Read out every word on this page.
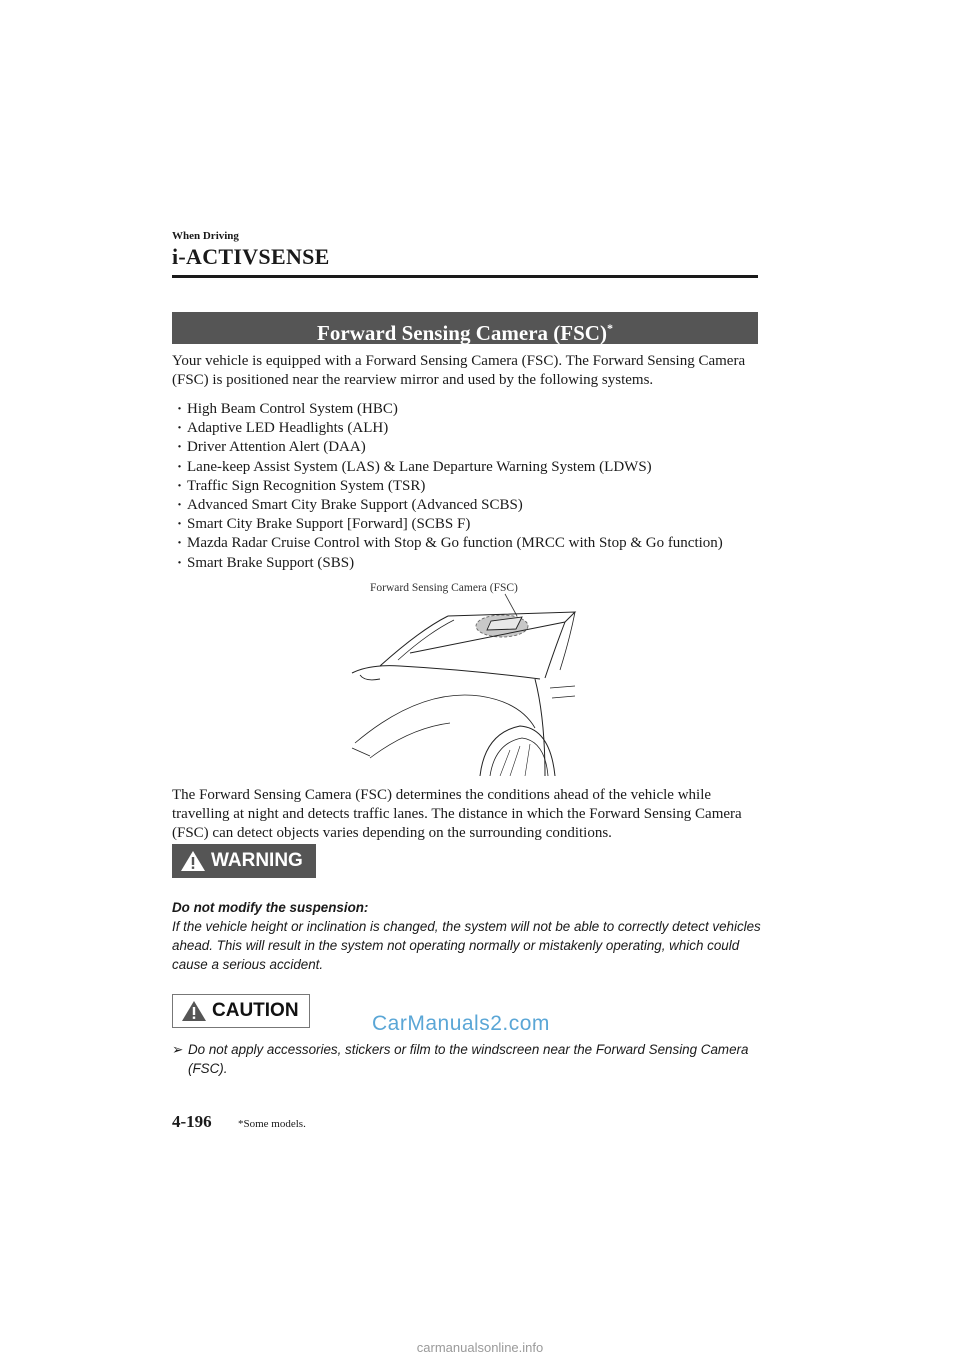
When Driving
i-ACTIVSENSE
Forward Sensing Camera (FSC)*
Your vehicle is equipped with a Forward Sensing Camera (FSC). The Forward Sensing Camera (FSC) is positioned near the rearview mirror and used by the following systems.
· High Beam Control System (HBC)
· Adaptive LED Headlights (ALH)
· Driver Attention Alert (DAA)
· Lane-keep Assist System (LAS) & Lane Departure Warning System (LDWS)
· Traffic Sign Recognition System (TSR)
· Advanced Smart City Brake Support (Advanced SCBS)
· Smart City Brake Support [Forward] (SCBS F)
· Mazda Radar Cruise Control with Stop & Go function (MRCC with Stop & Go function)
· Smart Brake Support (SBS)
Forward Sensing Camera (FSC)
The Forward Sensing Camera (FSC) determines the conditions ahead of the vehicle while travelling at night and detects traffic lanes. The distance in which the Forward Sensing Camera (FSC) can detect objects varies depending on the surrounding conditions.
WARNING
Do not modify the suspension:
If the vehicle height or inclination is changed, the system will not be able to correctly detect vehicles ahead. This will result in the system not operating normally or mistakenly operating, which could cause a serious accident.
CAUTION
CarManuals2.com
➢ Do not apply accessories, stickers or film to the windscreen near the Forward Sensing Camera (FSC).
4-196 *Some models.
carmanualsonline.info
